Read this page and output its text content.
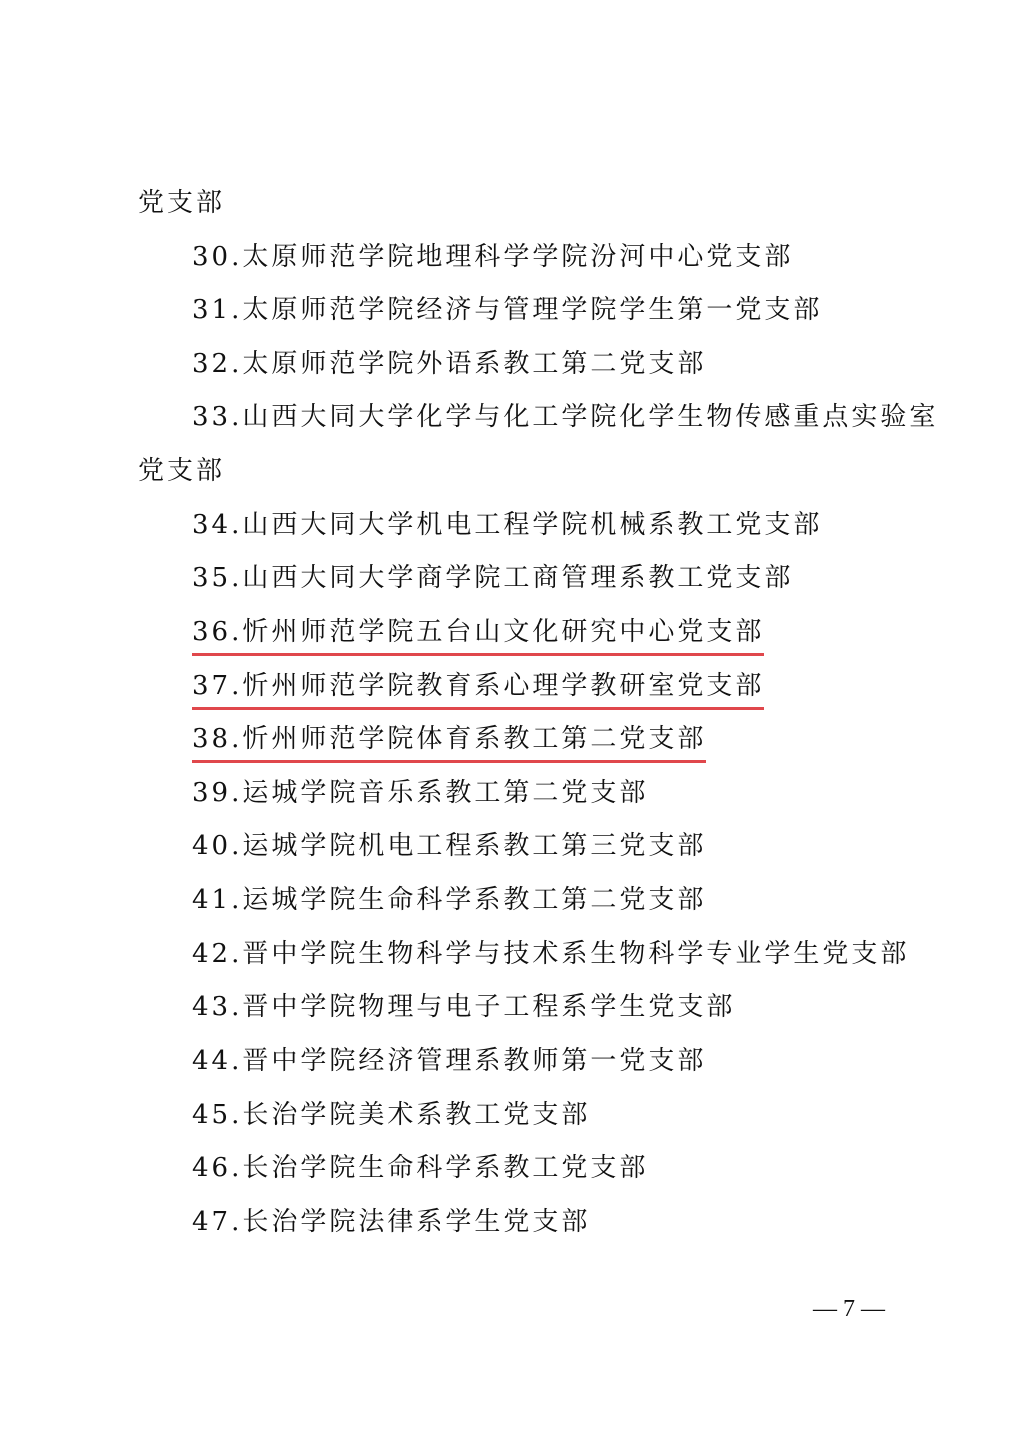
党支部
30.太原师范学院地理科学学院汾河中心党支部
31.太原师范学院经济与管理学院学生第一党支部
32.太原师范学院外语系教工第二党支部
33.山西大同大学化学与化工学院化学生物传感重点实验室
党支部
34.山西大同大学机电工程学院机械系教工党支部
35.山西大同大学商学院工商管理系教工党支部
36.忻州师范学院五台山文化研究中心党支部
37.忻州师范学院教育系心理学教研室党支部
38.忻州师范学院体育系教工第二党支部
39.运城学院音乐系教工第二党支部
40.运城学院机电工程系教工第三党支部
41.运城学院生命科学系教工第二党支部
42.晋中学院生物科学与技术系生物科学专业学生党支部
43.晋中学院物理与电子工程系学生党支部
44.晋中学院经济管理系教师第一党支部
45.长治学院美术系教工党支部
46.长治学院生命科学系教工党支部
47.长治学院法律系学生党支部
— 7 —
